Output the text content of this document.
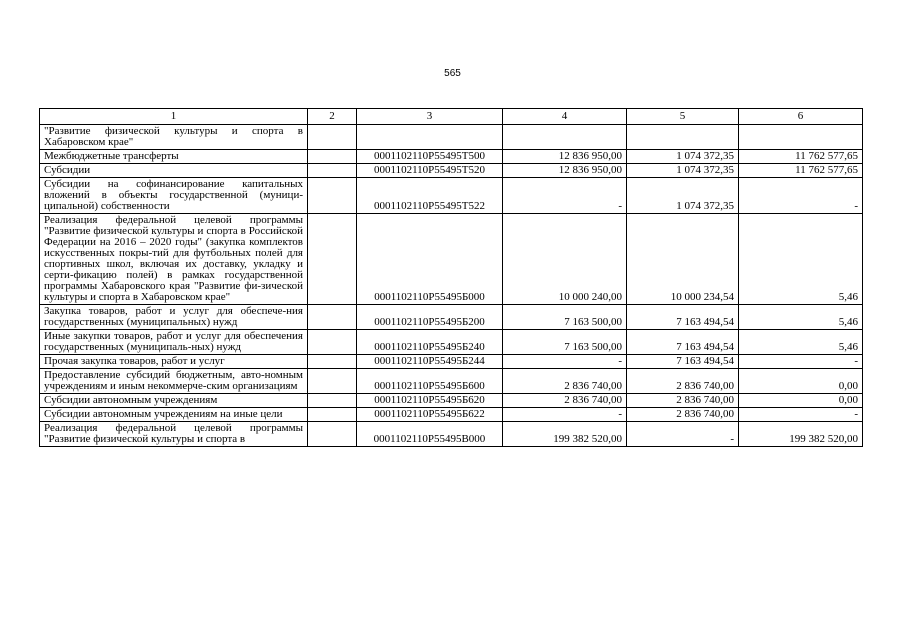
565
1	2	3	4	5	6
"Развитие физической культуры и спорта в Хабаровском крае"					
Межбюджетные трансферты		0001102110P55495Т500	12 836 950,00	1 074 372,35	11 762 577,65
Субсидии		0001102110P55495Т520	12 836 950,00	1 074 372,35	11 762 577,65
Субсидии на софинансирование капитальных вложений в объекты государственной (муници-ципальной) собственности		0001102110P55495Т522	-	1 074 372,35	-
Реализация федеральной целевой программы "Развитие физической культуры и спорта в Российской Федерации на 2016 – 2020 годы" (закупка комплектов искусственных покры-тий для футбольных полей для спортивных школ, включая их доставку, укладку и серти-фикацию полей) в рамках государственной программы Хабаровского края "Развитие фи-зической культуры и спорта в Хабаровском крае"		0001102110P55495Б000	10 000 240,00	10 000 234,54	5,46
Закупка товаров, работ и услуг для обеспече-ния государственных (муниципальных) нужд		0001102110P55495Б200	7 163 500,00	7 163 494,54	5,46
Иные закупки товаров, работ и услуг для обеспечения государственных (муниципаль-ных) нужд		0001102110P55495Б240	7 163 500,00	7 163 494,54	5,46
Прочая закупка товаров, работ и услуг		0001102110P55495Б244	-	7 163 494,54	-
Предоставление субсидий бюджетным, авто-номным учреждениям и иным некоммерче-ским организациям		0001102110P55495Б600	2 836 740,00	2 836 740,00	0,00
Субсидии автономным учреждениям		0001102110P55495Б620	2 836 740,00	2 836 740,00	0,00
Субсидии автономным учреждениям на иные цели		0001102110P55495Б622	-	2 836 740,00	-
Реализация федеральной целевой программы "Развитие физической культуры и спорта в		0001102110P55495В000	199 382 520,00	-	199 382 520,00
